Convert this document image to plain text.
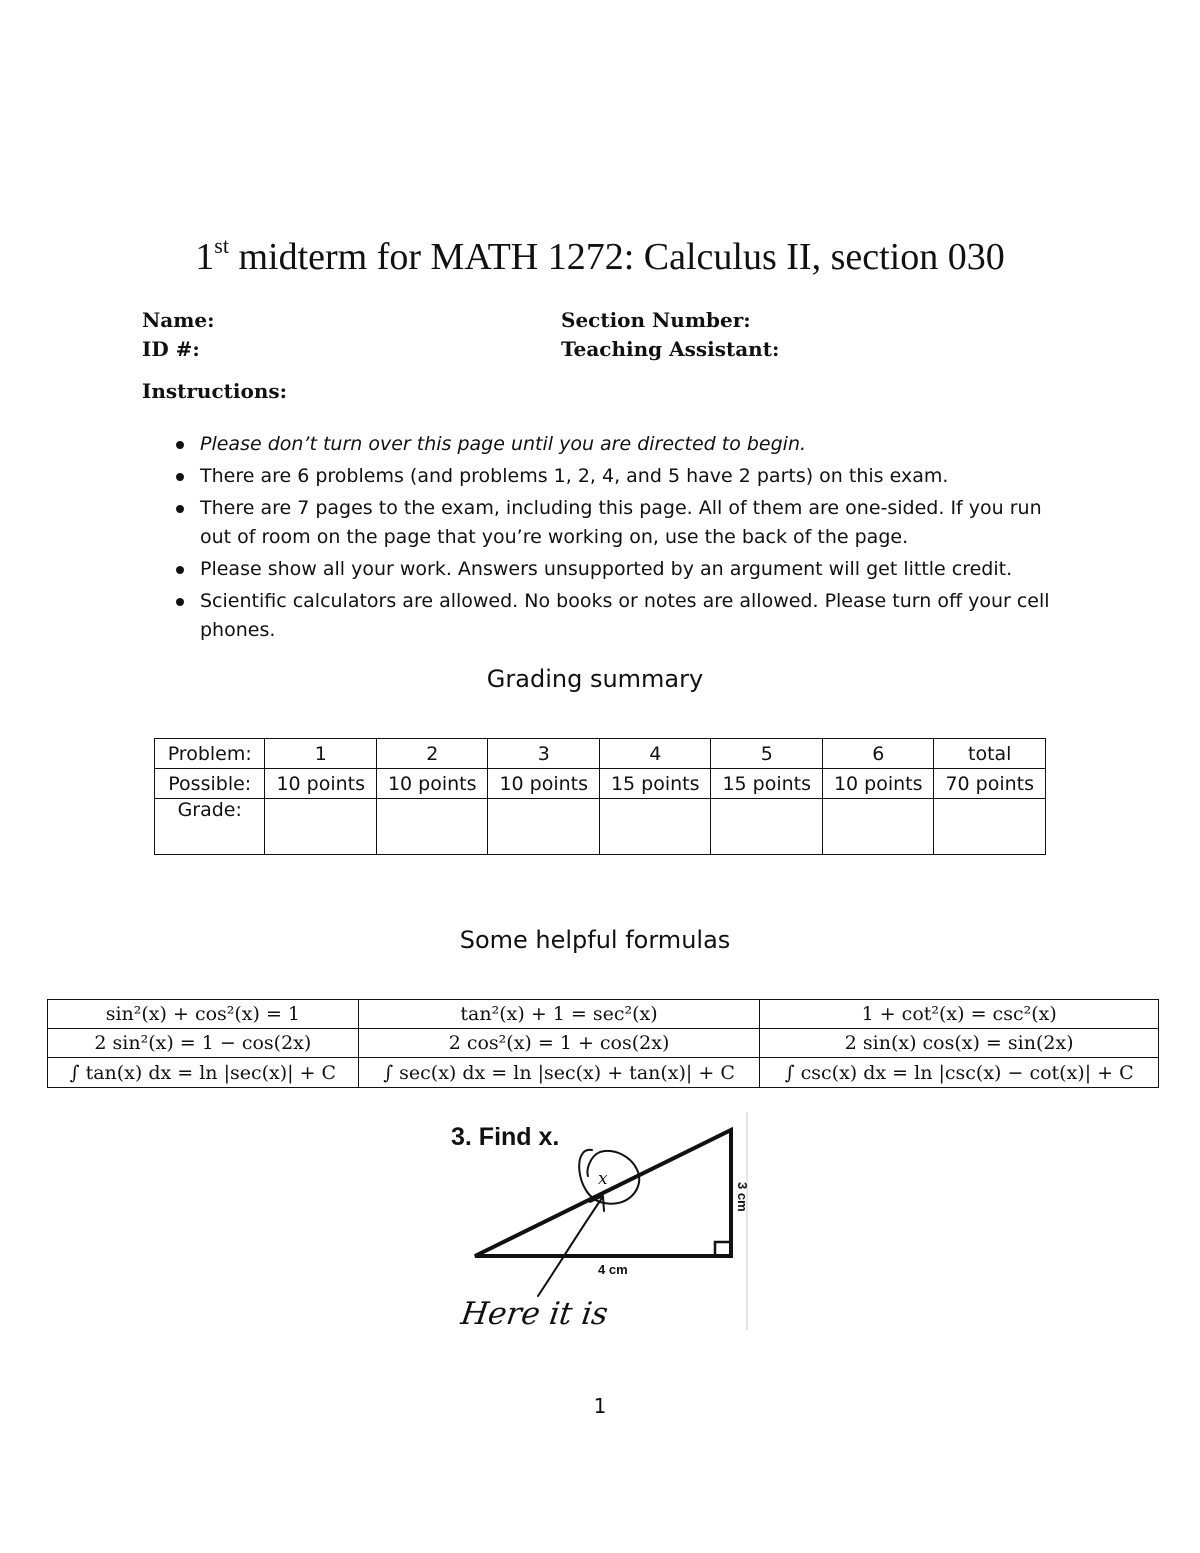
1st midterm for MATH 1272: Calculus II, section 030
Name:	Section Number:
ID #:	Teaching Assistant:
Instructions:
Please don’t turn over this page until you are directed to begin.
There are 6 problems (and problems 1, 2, 4, and 5 have 2 parts) on this exam.
There are 7 pages to the exam, including this page. All of them are one-sided. If you run out of room on the page that you’re working on, use the back of the page.
Please show all your work. Answers unsupported by an argument will get little credit.
Scientific calculators are allowed. No books or notes are allowed. Please turn off your cell phones.
Grading summary
Problem:	1	2	3	4	5	6	total
Possible:	10 points	10 points	10 points	15 points	15 points	10 points	70 points
Grade:							
Some helpful formulas
sin²(x) + cos²(x) = 1	tan²(x) + 1 = sec²(x)	1 + cot²(x) = csc²(x)
2 sin²(x) = 1 − cos(2x)	2 cos²(x) = 1 + cos(2x)	2 sin(x) cos(x) = sin(2x)
∫ tan(x) dx = ln |sec(x)| + C	∫ sec(x) dx = ln |sec(x) + tan(x)| + C	∫ csc(x) dx = ln |csc(x) − cot(x)| + C
3. Find x.
3 cm
4 cm
x
Here it is
1
